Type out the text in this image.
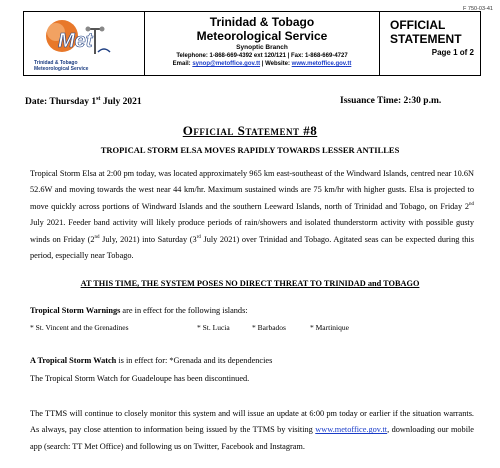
F 750-03-41
Met
Trinidad & Tobago
Meteorological Service
Trinidad & Tobago
Meteorological Service
Synoptic Branch
Telephone: 1-868-669-4392 ext 120/121 | Fax: 1-868-669-4727
Email: synop@metoffice.gov.tt | Website: www.metoffice.gov.tt
OFFICIAL
STATEMENT
Page 1 of 2
Date: Thursday 1st July 2021	Issuance Time: 2:30 p.m.
Official Statement #8
TROPICAL STORM ELSA MOVES RAPIDLY TOWARDS LESSER ANTILLES
Tropical Storm Elsa at 2:00 pm today, was located approximately 965 km east-southeast of the Windward Islands, centred near 10.6N 52.6W and moving towards the west near 44 km/hr. Maximum sustained winds are 75 km/hr with higher gusts. Elsa is projected to move quickly across portions of Windward Islands and the southern Leeward Islands, north of Trinidad and Tobago, on Friday 2nd July 2021. Feeder band activity will likely produce periods of rain/showers and isolated thunderstorm activity with possible gusty winds on Friday (2nd July, 2021) into Saturday (3rd July 2021) over Trinidad and Tobago. Agitated seas can be expected during this period, especially near Tobago.
AT THIS TIME, THE SYSTEM POSES NO DIRECT THREAT TO TRINIDAD and TOBAGO
Tropical Storm Warnings are in effect for the following islands:
* St. Vincent and the Grenadines	* St. Lucia	* Barbados	* Martinique
A Tropical Storm Watch is in effect for: *Grenada and its dependencies
The Tropical Storm Watch for Guadeloupe has been discontinued.
The TTMS will continue to closely monitor this system and will issue an update at 6:00 pm today or earlier if the situation warrants. As always, pay close attention to information being issued by the TTMS by visiting www.metoffice.gov.tt, downloading our mobile app (search: TT Met Office) and following us on Twitter, Facebook and Instagram.
